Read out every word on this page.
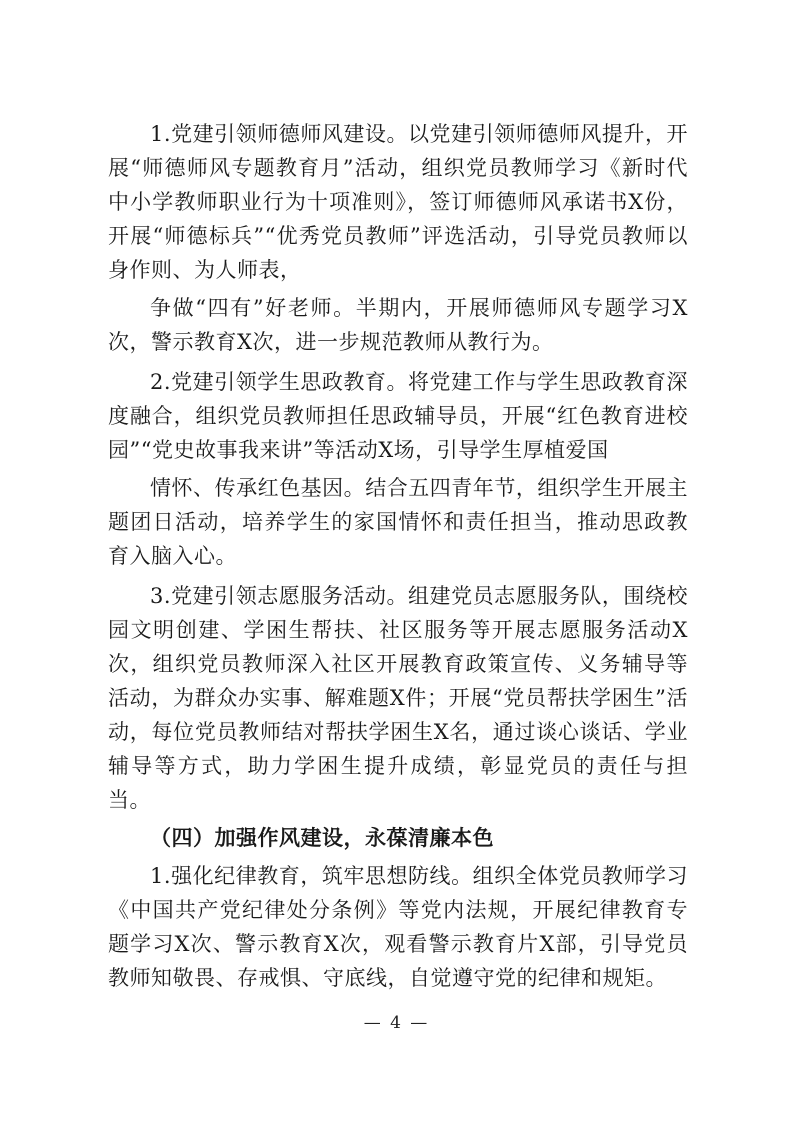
1.党建引领师德师风建设。以党建引领师德师风提升，开展“师德师风专题教育月”活动，组织党员教师学习《新时代中小学教师职业行为十项准则》，签订师德师风承诺书X份，开展“师德标兵”“优秀党员教师”评选活动，引导党员教师以身作则、为人师表，

争做“四有”好老师。半期内，开展师德师风专题学习X次，警示教育X次，进一步规范教师从教行为。

2.党建引领学生思政教育。将党建工作与学生思政教育深度融合，组织党员教师担任思政辅导员，开展“红色教育进校园”“党史故事我来讲”等活动X场，引导学生厚植爱国

情怀、传承红色基因。结合五四青年节，组织学生开展主题团日活动，培养学生的家国情怀和责任担当，推动思政教育入脑入心。

3.党建引领志愿服务活动。组建党员志愿服务队，围绕校园文明创建、学困生帮扶、社区服务等开展志愿服务活动X次，组织党员教师深入社区开展教育政策宣传、义务辅导等活动，为群众办实事、解难题X件；开展“党员帮扶学困生”活动，每位党员教师结对帮扶学困生X名，通过谈心谈话、学业辅导等方式，助力学困生提升成绩，彰显党员的责任与担当。

（四）加强作风建设，永葆清廉本色

1.强化纪律教育，筑牢思想防线。组织全体党员教师学习《中国共产党纪律处分条例》等党内法规，开展纪律教育专题学习X次、警示教育X次，观看警示教育片X部，引导党员教师知敬畏、存戒惧、守底线，自觉遵守党的纪律和规矩。

— 4 —
